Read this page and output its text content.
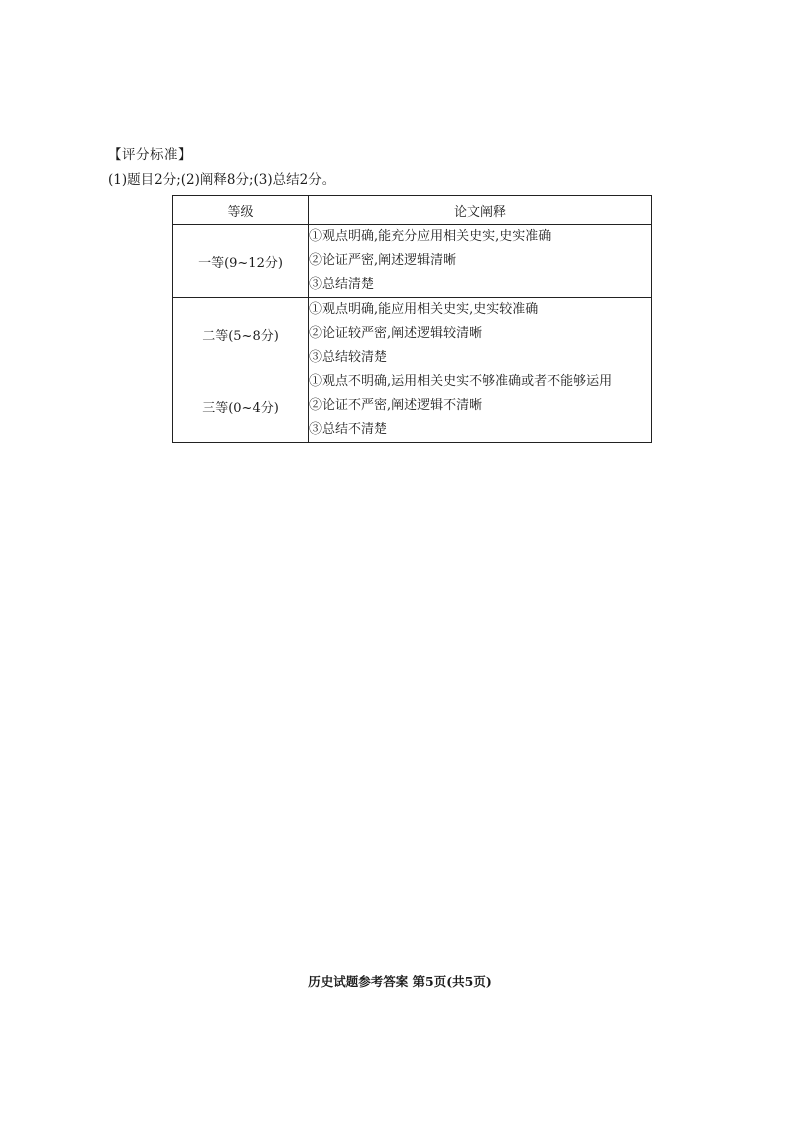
【评分标准】

(1)题目2分;(2)阐释8分;(3)总结2分。

等级	论文阐释
一等(9~12分)	①观点明确,能充分应用相关史实,史实准确
②论证严密,阐述逻辑清晰
③总结清楚

二等(5~8分)	①观点明确,能应用相关史实,史实较准确
②论证较严密,阐述逻辑较清晰
③总结较清楚

三等(0~4分)	①观点不明确,运用相关史实不够准确或者不能够运用
②论证不严密,阐述逻辑不清晰
③总结不清楚

历史试题参考答案 第5页(共5页)
